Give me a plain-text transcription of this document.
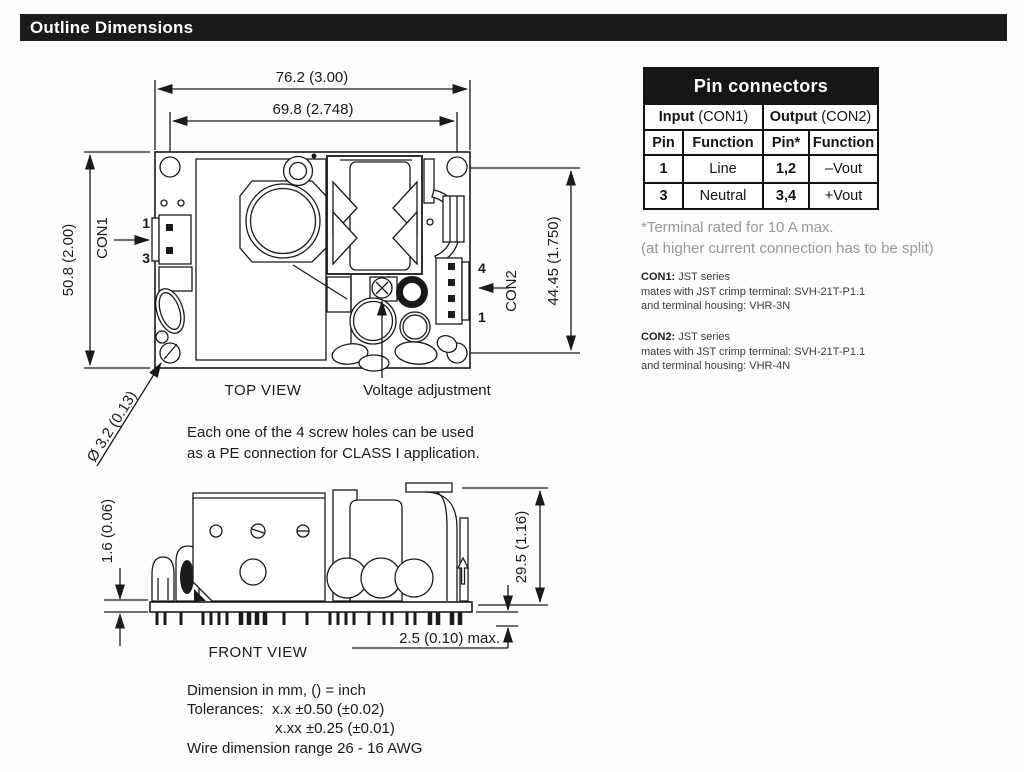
Outline Dimensions
76.2 (3.00)
69.8 (2.748)
50.8 (2.00)	44.45 (1.750)
CON1
CON2
1
3
4
1
Ø 3.2 (0.13)	TOP VIEW	Voltage adjustment
Each one of the 4 screw holes can be used
as a PE connection for CLASS I application.
1.6 (0.06)	29.5 (1.16)
2.5 (0.10) max.
FRONT VIEW
Dimension in mm, () = inch
Tolerances: x.x ±0.50 (±0.02)
x.xx ±0.25 (±0.01)
Wire dimension range 26 - 16 AWG
Pin connectors			
Input (CON1)		Output (CON2)	
Pin	Function	Pin*	Function
1	Line	1,2	–Vout
3	Neutral	3,4	+Vout
*Terminal rated for 10 A max.
(at higher current connection has to be split)
CON1: JST series
mates with JST crimp terminal: SVH-21T-P1.1
and terminal housing: VHR-3N
CON2: JST series
mates with JST crimp terminal: SVH-21T-P1.1
and terminal housing: VHR-4N
